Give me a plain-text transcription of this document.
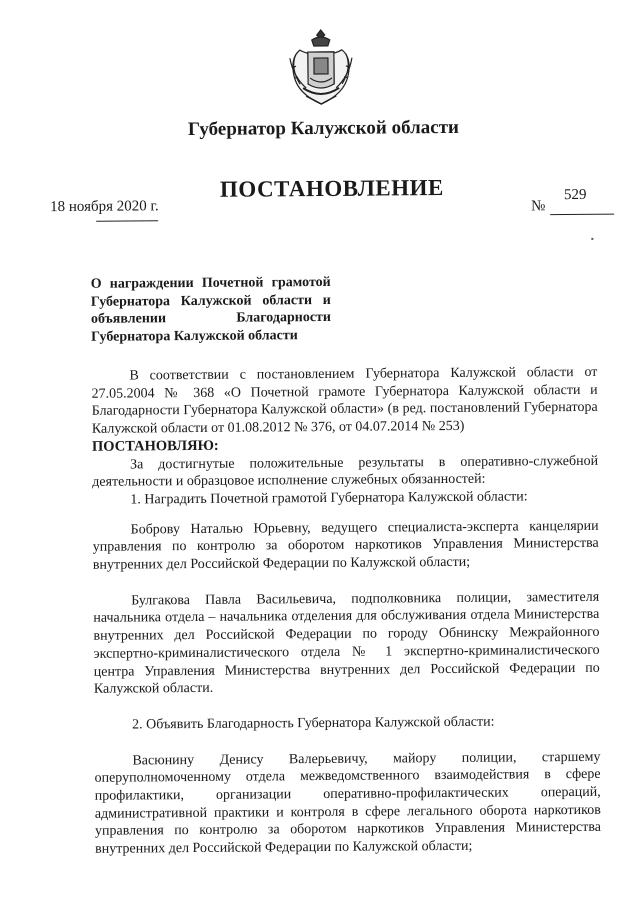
Губернатор Калужской области
18 ноября 2020 г.
ПОСТАНОВЛЕНИЕ
№
529
О награждении Почетной грамотой Губернатора Калужской области и объявлении Благодарности Губернатора Калужской области

В соответствии с постановлением Губернатора Калужской области от 27.05.2004 № 368 «О Почетной грамоте Губернатора Калужской области и Благодарности Губернатора Калужской области» (в ред. постановлений Губернатора Калужской области от 01.08.2012 № 376, от 04.07.2014 № 253)

ПОСТАНОВЛЯЮ:

За достигнутые положительные результаты в оперативно-служебной деятельности и образцовое исполнение служебных обязанностей:

1. Наградить Почетной грамотой Губернатора Калужской области:

Боброву Наталью Юрьевну, ведущего специалиста-эксперта канцелярии управления по контролю за оборотом наркотиков Управления Министерства внутренних дел Российской Федерации по Калужской области;

Булгакова Павла Васильевича, подполковника полиции, заместителя начальника отдела – начальника отделения для обслуживания отдела Министерства внутренних дел Российской Федерации по городу Обнинску Межрайонного экспертно-криминалистического отдела № 1 экспертно-криминалистического центра Управления Министерства внутренних дел Российской Федерации по Калужской области.

2. Объявить Благодарность Губернатора Калужской области:

Васюнину Денису Валерьевичу, майору полиции, старшему оперуполномоченному отдела межведомственного взаимодействия в сфере профилактики, организации оперативно-профилактических операций, административной практики и контроля в сфере легального оборота наркотиков управления по контролю за оборотом наркотиков Управления Министерства внутренних дел Российской Федерации по Калужской области;
